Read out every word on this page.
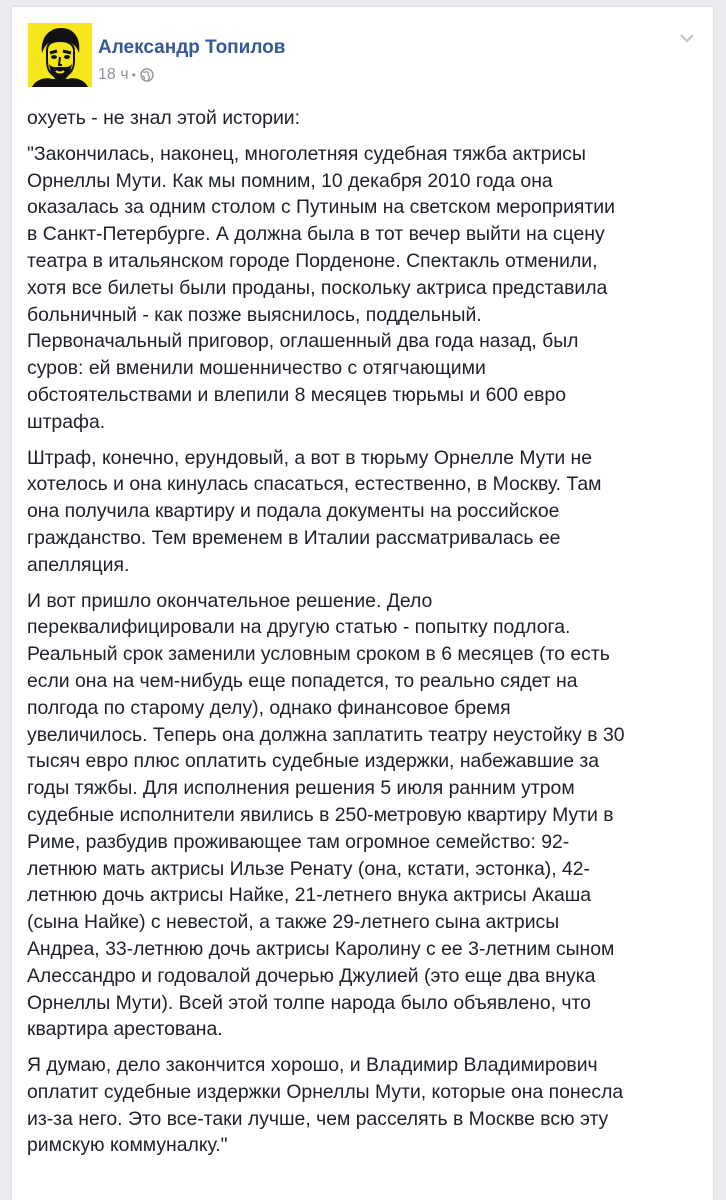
Александр Топилов
18 ч •

охуеть - не знал этой истории:

"Закончилась, наконец, многолетняя судебная тяжба актрисы
Орнеллы Мути. Как мы помним, 10 декабря 2010 года она
оказалась за одним столом с Путиным на светском мероприятии
в Санкт-Петербурге. А должна была в тот вечер выйти на сцену
театра в итальянском городе Порденоне. Спектакль отменили,
хотя все билеты были проданы, поскольку актриса представила
больничный - как позже выяснилось, поддельный.
Первоначальный приговор, оглашенный два года назад, был
суров: ей вменили мошенничество с отягчающими
обстоятельствами и влепили 8 месяцев тюрьмы и 600 евро
штрафа.

Штраф, конечно, ерундовый, а вот в тюрьму Орнелле Мути не
хотелось и она кинулась спасаться, естественно, в Москву. Там
она получила квартиру и подала документы на российское
гражданство. Тем временем в Италии рассматривалась ее
апелляция.

И вот пришло окончательное решение. Дело
переквалифицировали на другую статью - попытку подлога.
Реальный срок заменили условным сроком в 6 месяцев (то есть
если она на чем-нибудь еще попадется, то реально сядет на
полгода по старому делу), однако финансовое бремя
увеличилось. Теперь она должна заплатить театру неустойку в 30
тысяч евро плюс оплатить судебные издержки, набежавшие за
годы тяжбы. Для исполнения решения 5 июля ранним утром
судебные исполнители явились в 250-метровую квартиру Мути в
Риме, разбудив проживающее там огромное семейство: 92-
летнюю мать актрисы Ильзе Ренату (она, кстати, эстонка), 42-
летнюю дочь актрисы Найке, 21-летнего внука актрисы Акаша
(сына Найке) с невестой, а также 29-летнего сына актрисы
Андреа, 33-летнюю дочь актрисы Каролину с ее 3-летним сыном
Алессандро и годовалой дочерью Джулией (это еще два внука
Орнеллы Мути). Всей этой толпе народа было объявлено, что
квартира арестована.

Я думаю, дело закончится хорошо, и Владимир Владимирович
оплатит судебные издержки Орнеллы Мути, которые она понесла
из-за него. Это все-таки лучше, чем расселять в Москве всю эту
римскую коммуналку."
